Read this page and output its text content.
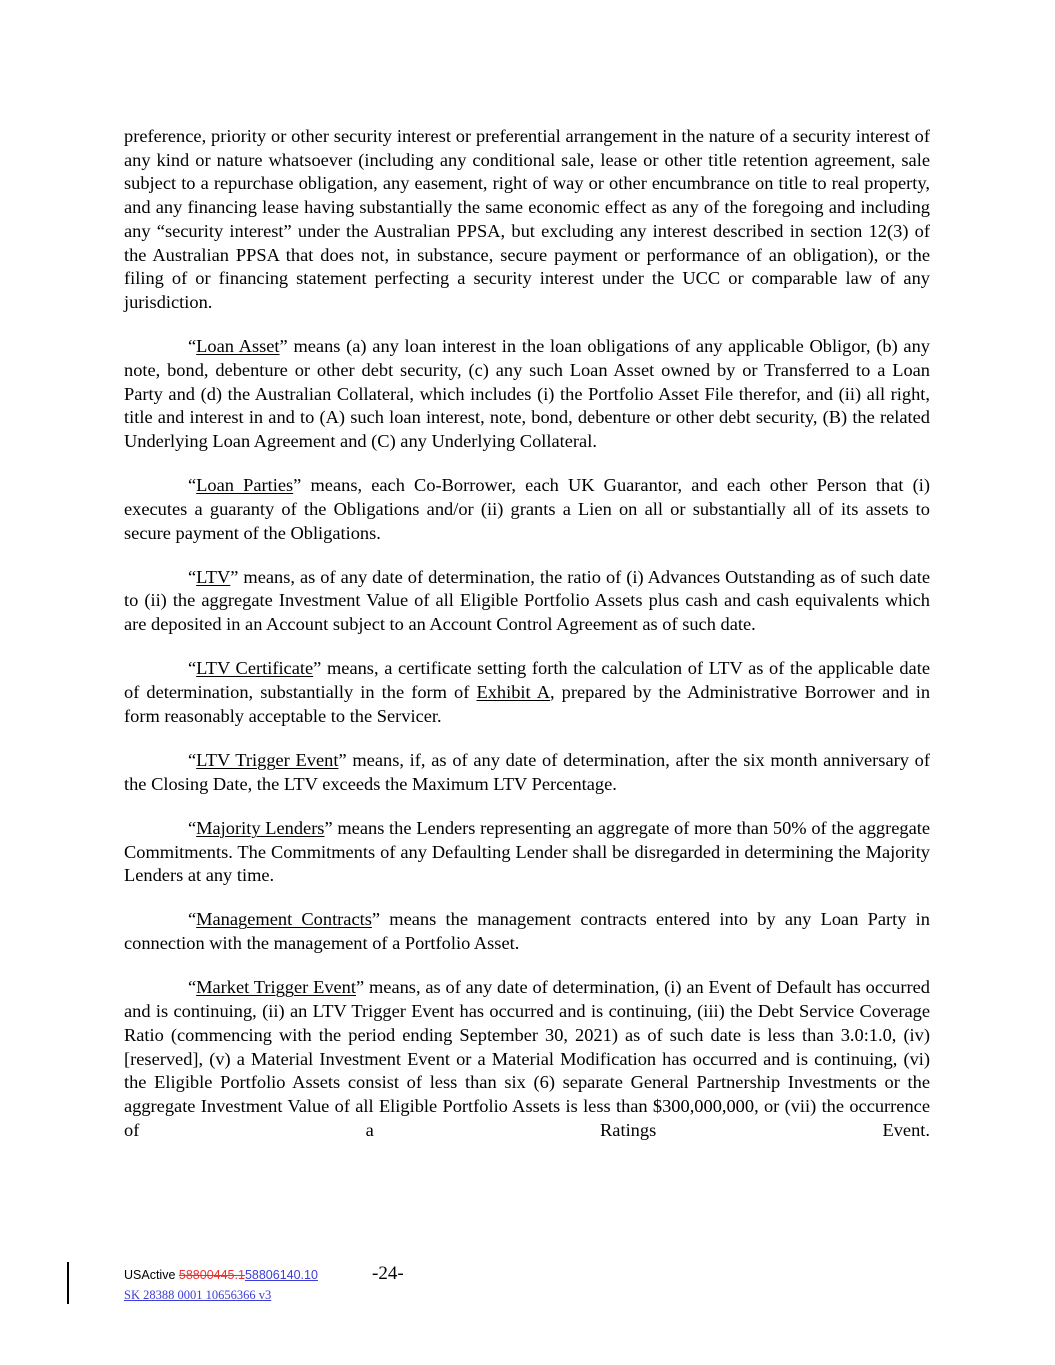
preference, priority or other security interest or preferential arrangement in the nature of a security interest of any kind or nature whatsoever (including any conditional sale, lease or other title retention agreement, sale subject to a repurchase obligation, any easement, right of way or other encumbrance on title to real property, and any financing lease having substantially the same economic effect as any of the foregoing and including any “security interest” under the Australian PPSA, but excluding any interest described in section 12(3) of the Australian PPSA that does not, in substance, secure payment or performance of an obligation), or the filing of or financing statement perfecting a security interest under the UCC or comparable law of any jurisdiction.

“Loan Asset” means (a) any loan interest in the loan obligations of any applicable Obligor, (b) any note, bond, debenture or other debt security, (c) any such Loan Asset owned by or Transferred to a Loan Party and (d) the Australian Collateral, which includes (i) the Portfolio Asset File therefor, and (ii) all right, title and interest in and to (A) such loan interest, note, bond, debenture or other debt security, (B) the related Underlying Loan Agreement and (C) any Underlying Collateral.

“Loan Parties” means, each Co-Borrower, each UK Guarantor, and each other Person that (i) executes a guaranty of the Obligations and/or (ii) grants a Lien on all or substantially all of its assets to secure payment of the Obligations.

“LTV” means, as of any date of determination, the ratio of (i) Advances Outstanding as of such date to (ii) the aggregate Investment Value of all Eligible Portfolio Assets plus cash and cash equivalents which are deposited in an Account subject to an Account Control Agreement as of such date.

“LTV Certificate” means, a certificate setting forth the calculation of LTV as of the applicable date of determination, substantially in the form of Exhibit A, prepared by the Administrative Borrower and in form reasonably acceptable to the Servicer.

“LTV Trigger Event” means, if, as of any date of determination, after the six month anniversary of the Closing Date, the LTV exceeds the Maximum LTV Percentage.

“Majority Lenders” means the Lenders representing an aggregate of more than 50% of the aggregate Commitments. The Commitments of any Defaulting Lender shall be disregarded in determining the Majority Lenders at any time.

“Management Contracts” means the management contracts entered into by any Loan Party in connection with the management of a Portfolio Asset.

“Market Trigger Event” means, as of any date of determination, (i) an Event of Default has occurred and is continuing, (ii) an LTV Trigger Event has occurred and is continuing, (iii) the Debt Service Coverage Ratio (commencing with the period ending September 30, 2021) as of such date is less than 3.0:1.0, (iv) [reserved], (v) a Material Investment Event or a Material Modification has occurred and is continuing, (vi) the Eligible Portfolio Assets consist of less than six (6) separate General Partnership Investments or the aggregate Investment Value of all Eligible Portfolio Assets is less than $300,000,000, or (vii) the occurrence of a Ratings Event.

USActive 58800445.158806140.10	-24-
SK 28388 0001 10656366 v3
